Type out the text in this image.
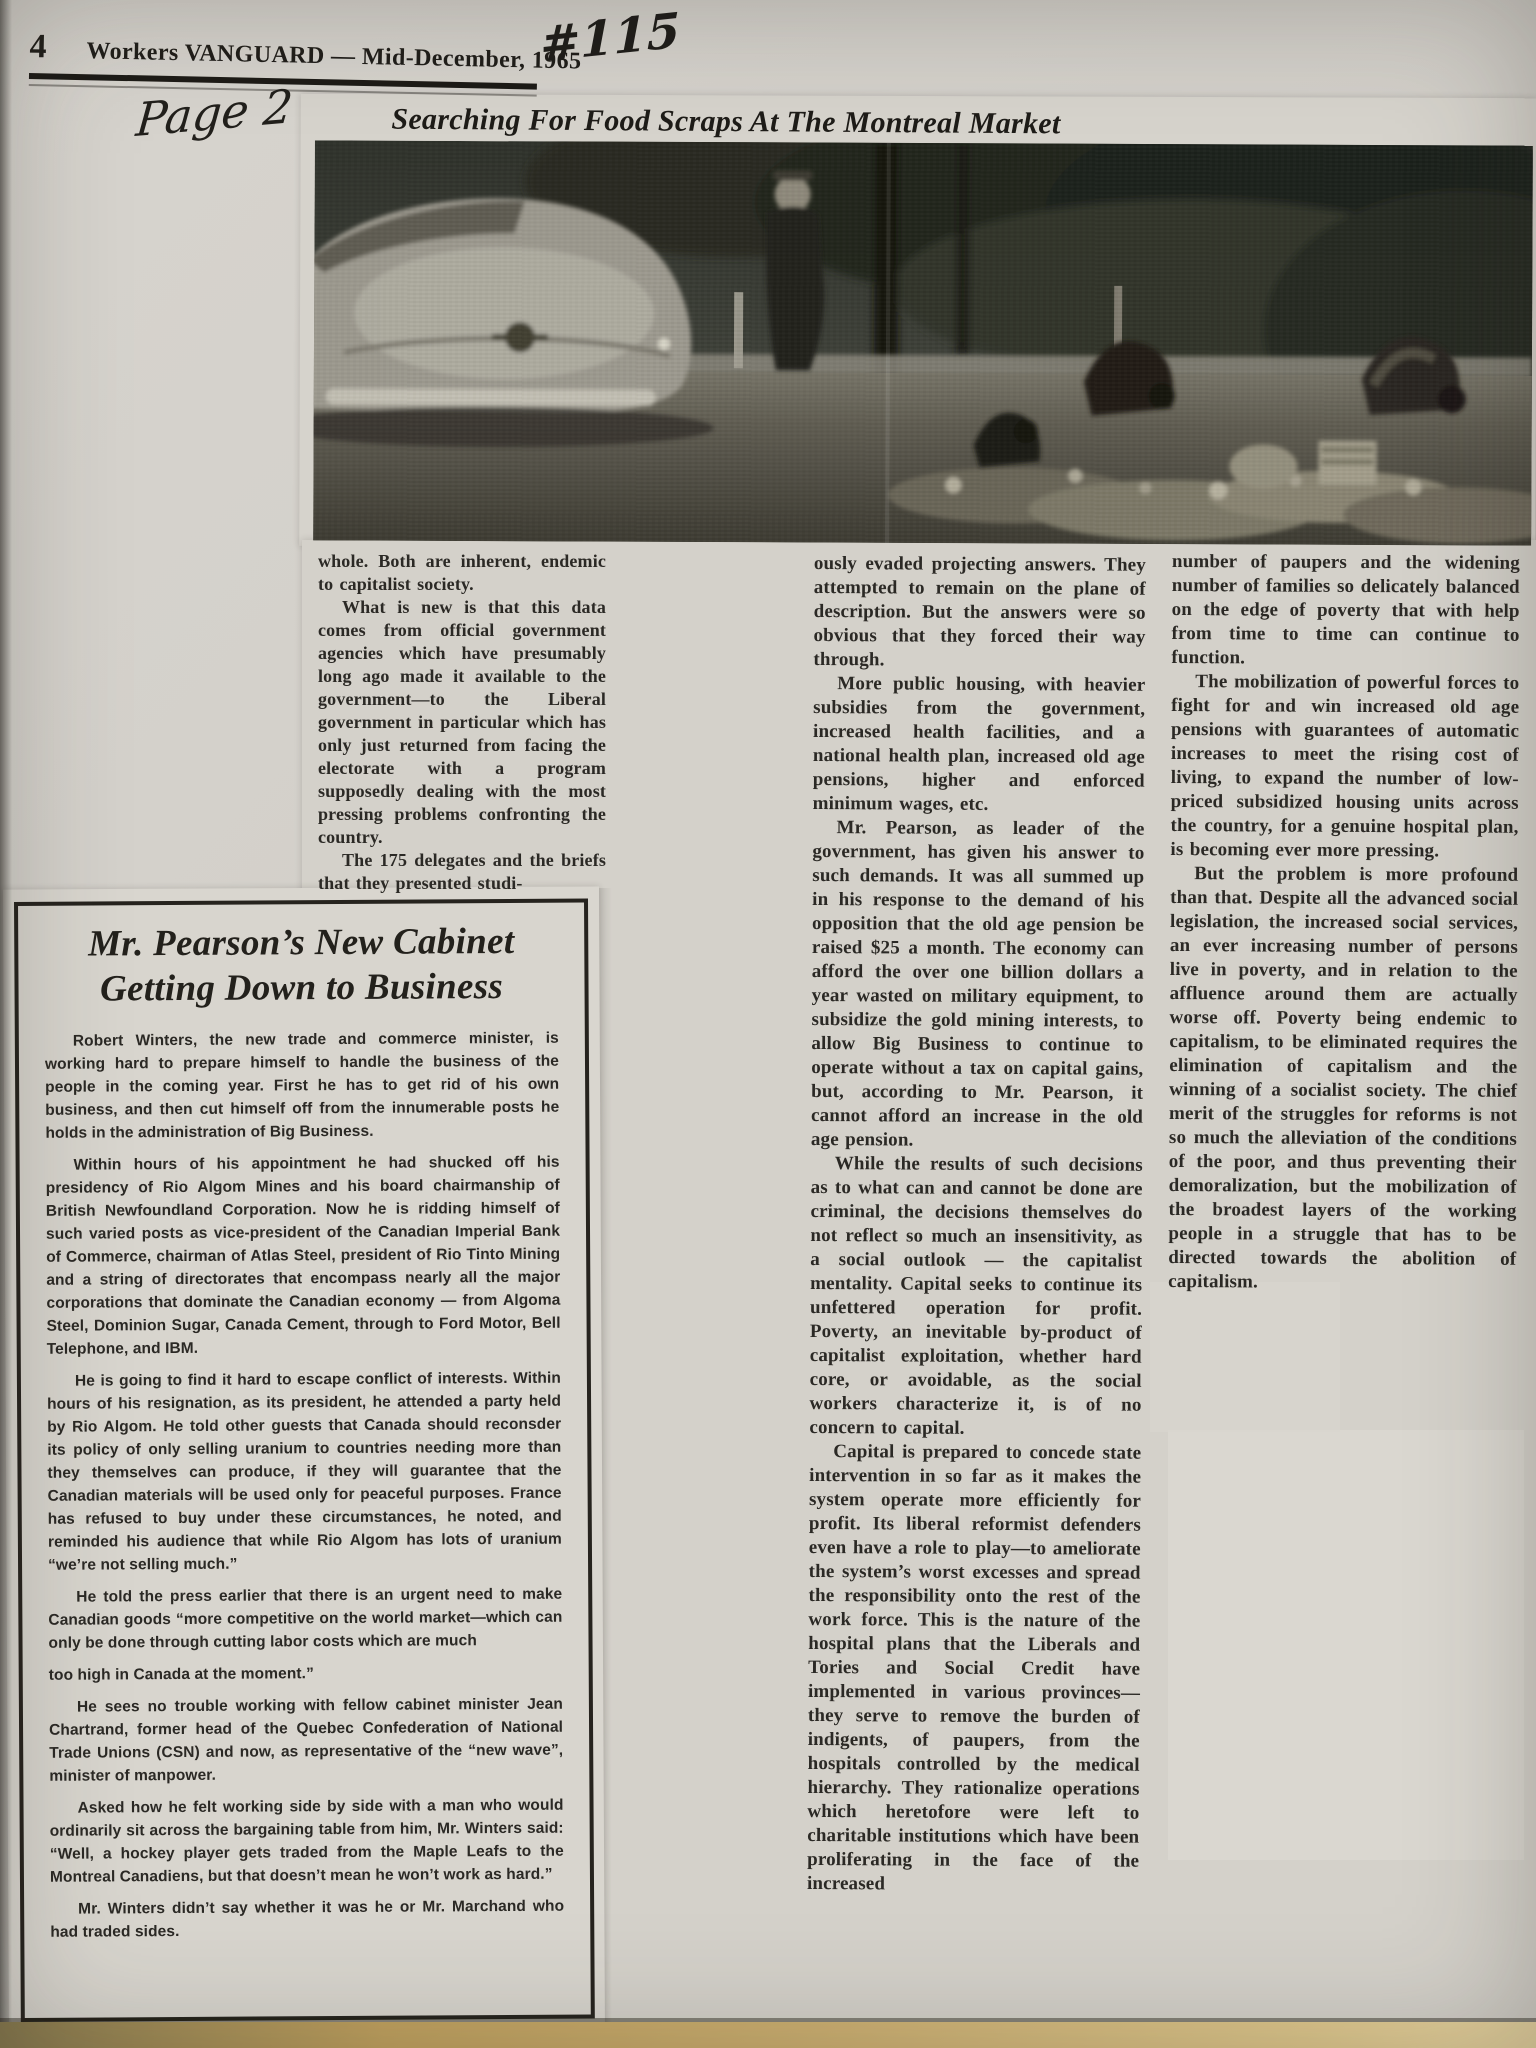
4 Workers VANGUARD — Mid-December, 1965
#115
Page 2	Searching For Food Scraps At The Montreal Market

whole. Both are inherent, endemic to capitalist society.

What is new is that this data comes from official government agencies which have presumably long ago made it available to the government—to the Liberal government in particular which has only just returned from facing the electorate with a program supposedly dealing with the most pressing problems confronting the country.

The 175 delegates and the briefs that they presented studi-

ously evaded projecting answers. They attempted to remain on the plane of description. But the answers were so obvious that they forced their way through.

More public housing, with heavier subsidies from the government, increased health facilities, and a national health plan, increased old age pensions, higher and enforced minimum wages, etc.

Mr. Pearson, as leader of the government, has given his answer to such demands. It was all summed up in his response to the demand of his opposition that the old age pension be raised $25 a month. The economy can afford the over one billion dollars a year wasted on military equipment, to subsidize the gold mining interests, to allow Big Business to continue to operate without a tax on capital gains, but, according to Mr. Pearson, it cannot afford an increase in the old age pension.

While the results of such decisions as to what can and cannot be done are criminal, the decisions themselves do not reflect so much an insensitivity, as a social outlook — the capitalist mentality. Capital seeks to continue its unfettered operation for profit. Poverty, an inevitable by-product of capitalist exploitation, whether hard core, or avoidable, as the social workers characterize it, is of no concern to capital.

Capital is prepared to concede state intervention in so far as it makes the system operate more efficiently for profit. Its liberal reformist defenders even have a role to play—to ameliorate the system’s worst excesses and spread the responsibility onto the rest of the work force. This is the nature of the hospital plans that the Liberals and Tories and Social Credit have implemented in various provinces—they serve to remove the burden of indigents, of paupers, from the hospitals controlled by the medical hierarchy. They rationalize operations which heretofore were left to charitable institutions which have been proliferating in the face of the increased

number of paupers and the widening number of families so delicately balanced on the edge of poverty that with help from time to time can continue to function.

The mobilization of powerful forces to fight for and win increased old age pensions with guarantees of automatic increases to meet the rising cost of living, to expand the number of low-priced subsidized housing units across the country, for a genuine hospital plan, is becoming ever more pressing.

But the problem is more profound than that. Despite all the advanced social legislation, the increased social services, an ever increasing number of persons live in poverty, and in relation to the affluence around them are actually worse off. Poverty being endemic to capitalism, to be eliminated requires the elimination of capitalism and the winning of a socialist society. The chief merit of the struggles for reforms is not so much the alleviation of the conditions of the poor, and thus preventing their demoralization, but the mobilization of the broadest layers of the working people in a struggle that has to be directed towards the abolition of capitalism.

Mr. Pearson’s New Cabinet
Getting Down to Business

Robert Winters, the new trade and commerce minister, is working hard to prepare himself to handle the business of the people in the coming year. First he has to get rid of his own business, and then cut himself off from the innumerable posts he holds in the administration of Big Business.

Within hours of his appointment he had shucked off his presidency of Rio Algom Mines and his board chairmanship of British Newfoundland Corporation. Now he is ridding himself of such varied posts as vice-president of the Canadian Imperial Bank of Commerce, chairman of Atlas Steel, president of Rio Tinto Mining and a string of directorates that encompass nearly all the major corporations that dominate the Canadian economy — from Algoma Steel, Dominion Sugar, Canada Cement, through to Ford Motor, Bell Telephone, and IBM.

He is going to find it hard to escape conflict of interests. Within hours of his resignation, as its president, he attended a party held by Rio Algom. He told other guests that Canada should reconsder its policy of only selling uranium to countries needing more than they themselves can produce, if they will guarantee that the Canadian materials will be used only for peaceful purposes. France has refused to buy under these circumstances, he noted, and reminded his audience that while Rio Algom has lots of uranium “we’re not selling much.”

He told the press earlier that there is an urgent need to make Canadian goods “more competitive on the world market—which can only be done through cutting labor costs which are much

too high in Canada at the moment.”

He sees no trouble working with fellow cabinet minister Jean Chartrand, former head of the Quebec Confederation of National Trade Unions (CSN) and now, as representative of the “new wave”, minister of manpower.

Asked how he felt working side by side with a man who would ordinarily sit across the bargaining table from him, Mr. Winters said: “Well, a hockey player gets traded from the Maple Leafs to the Montreal Canadiens, but that doesn’t mean he won’t work as hard.”

Mr. Winters didn’t say whether it was he or Mr. Marchand who had traded sides.
